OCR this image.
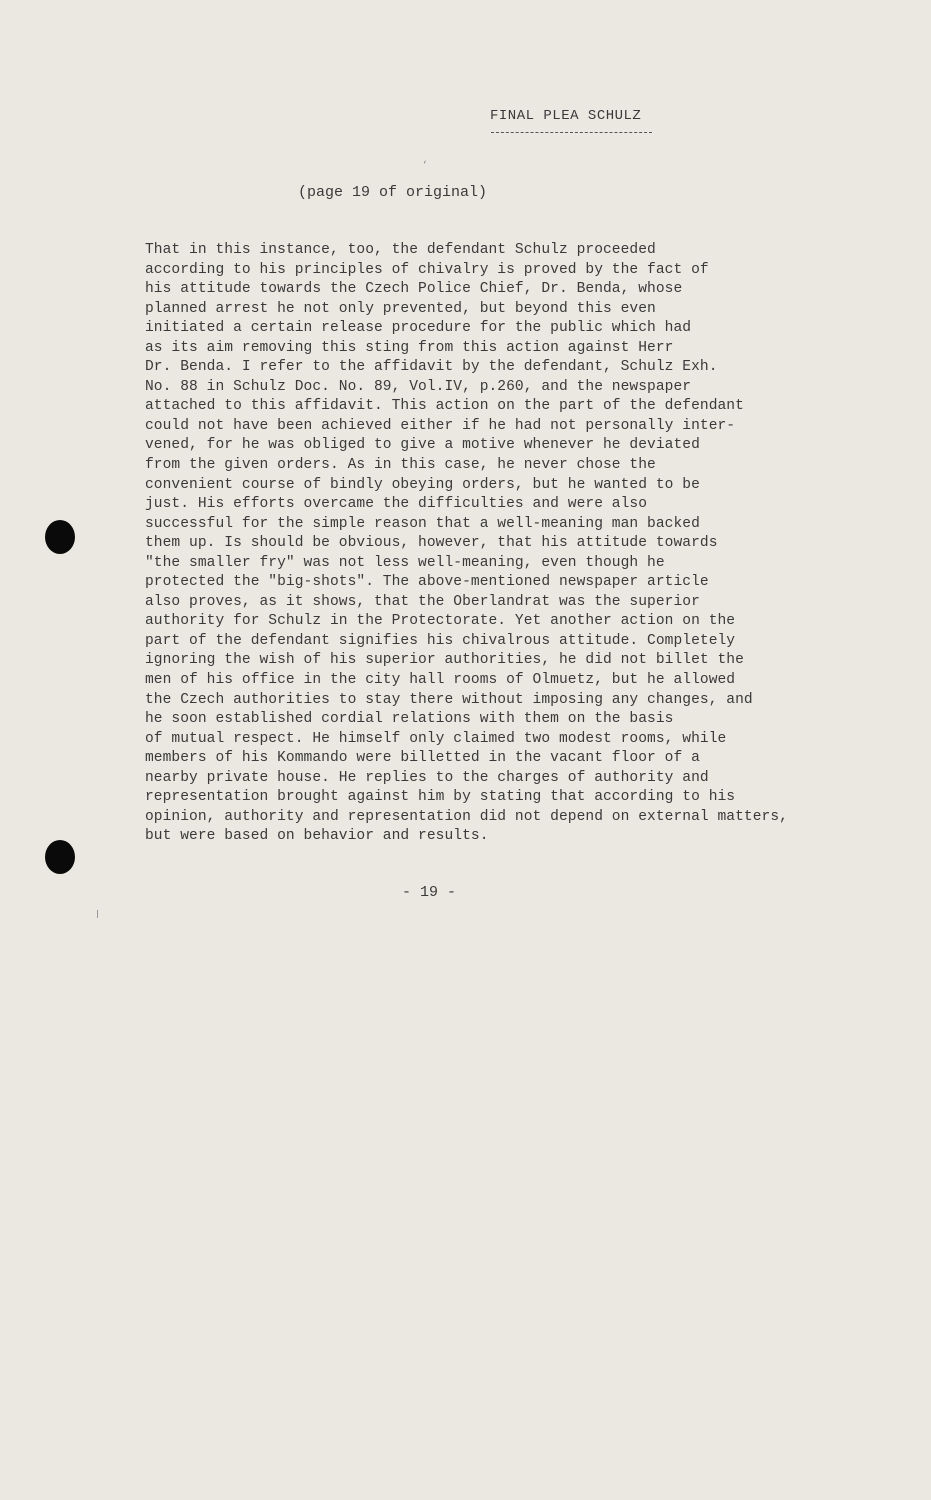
FINAL PLEA SCHULZ
‘
(page 19 of original)
That in this instance, too, the defendant Schulz proceeded
according to his principles of chivalry is proved by the fact of
his attitude towards the Czech Police Chief, Dr. Benda, whose
planned arrest he not only prevented, but beyond this even
initiated a certain release procedure for the public which had
as its aim removing this sting from this action against Herr
Dr. Benda. I refer to the affidavit by the defendant, Schulz Exh.
No. 88 in Schulz Doc. No. 89, Vol.IV, p.260, and the newspaper
attached to this affidavit. This action on the part of the defendant
could not have been achieved either if he had not personally inter-
vened, for he was obliged to give a motive whenever he deviated
from the given orders. As in this case, he never chose the
convenient course of bindly obeying orders, but he wanted to be
just. His efforts overcame the difficulties and were also
successful for the simple reason that a well-meaning man backed
them up. Is should be obvious, however, that his attitude towards
"the smaller fry" was not less well-meaning, even though he
protected the "big-shots". The above-mentioned newspaper article
also proves, as it shows, that the Oberlandrat was the superior
authority for Schulz in the Protectorate. Yet another action on the
part of the defendant signifies his chivalrous attitude. Completely
ignoring the wish of his superior authorities, he did not billet the
men of his office in the city hall rooms of Olmuetz, but he allowed
the Czech authorities to stay there without imposing any changes, and
he soon established cordial relations with them on the basis
of mutual respect. He himself only claimed two modest rooms, while
members of his Kommando were billetted in the vacant floor of a
nearby private house. He replies to the charges of authority and
representation brought against him by stating that according to his
opinion, authority and representation did not depend on external matters,
but were based on behavior and results.
- 19 -
